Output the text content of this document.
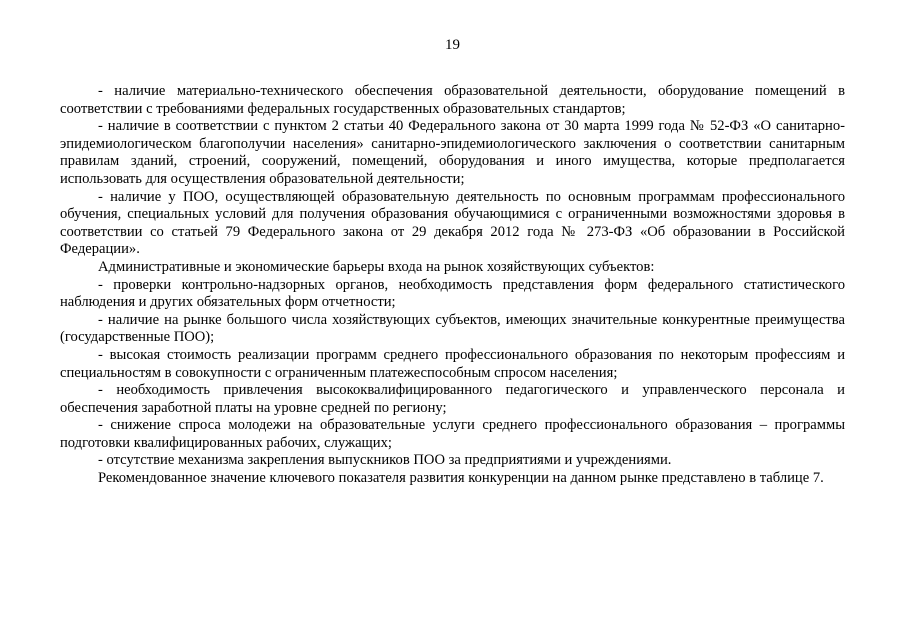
19

- наличие материально-технического обеспечения образовательной деятельности, оборудование помещений в соответствии с требованиями федеральных государственных образовательных стандартов;

- наличие в соответствии с пунктом 2 статьи 40 Федерального закона от 30 марта 1999 года № 52-ФЗ «О санитарно-эпидемиологическом благополучии населения» санитарно-эпидемиологического заключения о соответствии санитарным правилам зданий, строений, сооружений, помещений, оборудования и иного имущества, которые предполагается использовать для осуществления образовательной деятельности;

- наличие у ПОО, осуществляющей образовательную деятельность по основным программам профессионального обучения, специальных условий для получения образования обучающимися с ограниченными возможностями здоровья в соответствии со статьей 79 Федерального закона от 29 декабря 2012 года № 273-ФЗ «Об образовании в Российской Федерации».

Административные и экономические барьеры входа на рынок хозяйствующих субъектов:

- проверки контрольно-надзорных органов, необходимость представления форм федерального статистического наблюдения и других обязательных форм отчетности;

- наличие на рынке большого числа хозяйствующих субъектов, имеющих значительные конкурентные преимущества (государственные ПОО);

- высокая стоимость реализации программ среднего профессионального образования по некоторым профессиям и специальностям в совокупности с ограниченным платежеспособным спросом населения;

- необходимость привлечения высококвалифицированного педагогического и управленческого персонала и обеспечения заработной платы на уровне средней по региону;

- снижение спроса молодежи на образовательные услуги среднего профессионального образования – программы подготовки квалифицированных рабочих, служащих;

- отсутствие механизма закрепления выпускников ПОО за предприятиями и учреждениями.

Рекомендованное значение ключевого показателя развития конкуренции на данном рынке представлено в таблице 7.
